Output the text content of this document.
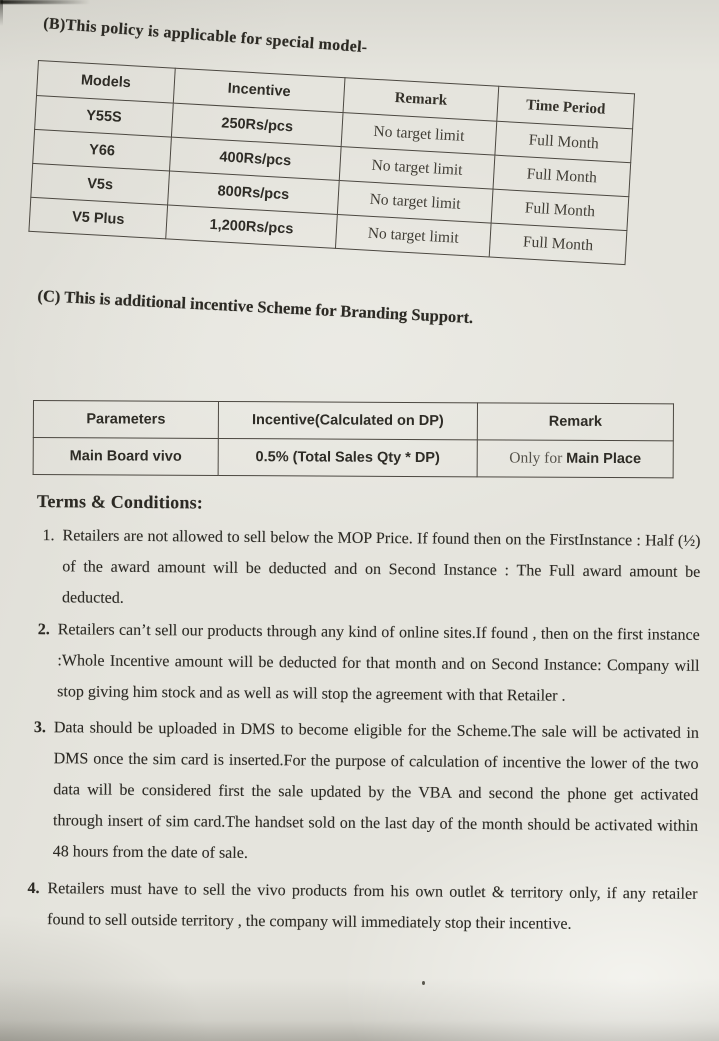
(B)This policy is applicable for special model-
Models	Incentive	Remark	Time Period
Y55S	250Rs/pcs	No target limit	Full Month
Y66	400Rs/pcs	No target limit	Full Month
V5s	800Rs/pcs	No target limit	Full Month
V5 Plus	1,200Rs/pcs	No target limit	Full Month
(C) This is additional incentive Scheme for Branding Support.
Parameters	Incentive(Calculated on DP)	Remark
Main Board vivo	0.5% (Total Sales Qty * DP)	Only for Main Place
Terms & Conditions:
1. Retailers are not allowed to sell below the MOP Price. If found then on the FirstInstance : Half (½) of the award amount will be deducted and on Second Instance : The Full award amount be deducted.
2. Retailers can’t sell our products through any kind of online sites.If found , then on the first instance :Whole Incentive amount will be deducted for that month and on Second Instance: Company will stop giving him stock and as well as will stop the agreement with that Retailer .
3. Data should be uploaded in DMS to become eligible for the Scheme.The sale will be activated in DMS once the sim card is inserted.For the purpose of calculation of incentive the lower of the two data will be considered first the sale updated by the VBA and second the phone get activated through insert of sim card.The handset sold on the last day of the month should be activated within 48 hours from the date of sale.
4. Retailers must have to sell the vivo products from his own outlet & territory only, if any retailer found to sell outside territory , the company will immediately stop their incentive.
